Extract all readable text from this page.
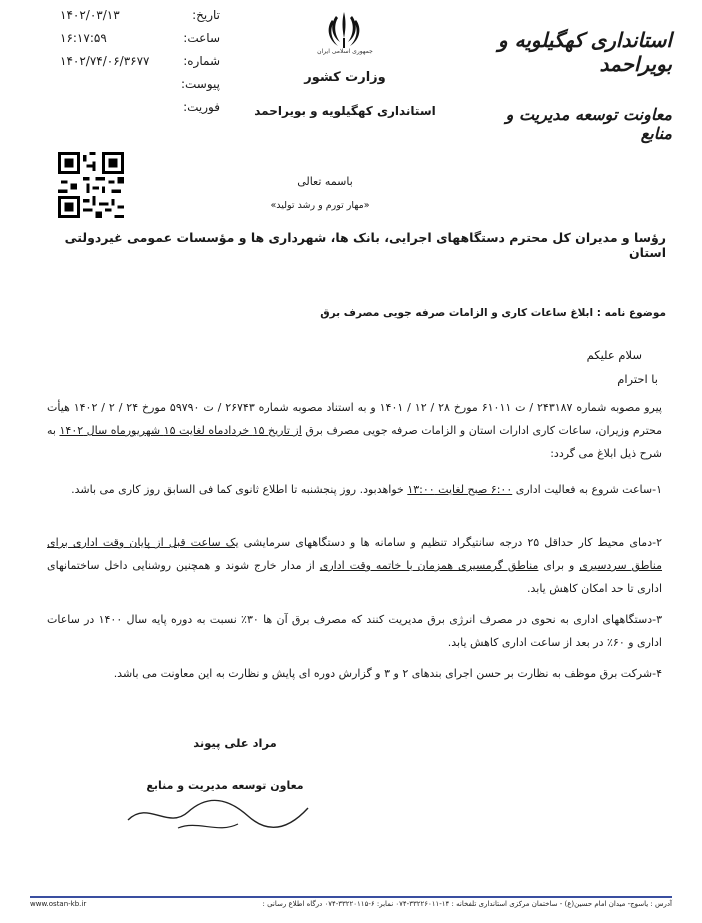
تاریخ:
۱۴۰۲/۰۳/۱۳
ساعت:
۱۶:۱۷:۵۹
شماره:
۱۴۰۲/۷۴/۰۶/۳۶۷۷
پیوست:
فوریت:
جمهوری اسلامی ایران
وزارت کشور
استانداری کهگیلویه و بویراحمد
استانداری کهگیلویه و بویراحمد
معاونت توسعه مدیریت و منابع
باسمه تعالی
«مهار تورم و رشد تولید»
رؤسا و مدیران کل محترم دستگاههای اجرایی، بانک ها، شهرداری ها و مؤسسات عمومی غیردولتی استان
موضوع نامه : ابلاغ ساعات کاری و الزامات صرفه جویی مصرف برق
سلام علیکم
با احترام
پیرو مصوبه شماره ۲۴۳۱۸۷ / ت ۶۱۰۱۱ مورخ ۲۸ / ۱۲ / ۱۴۰۱ و به استناد مصوبه شماره ۲۶۷۴۳ / ت ۵۹۷۹۰ مورخ ۲۴ / ۲ / ۱۴۰۲ هیأت محترم وزیران، ساعات کاری ادارات استان و الزامات صرفه جویی مصرف برق از تاریخ ۱۵ خردادماه لغایت ۱۵ شهریورماه سال ۱۴۰۲ به شرح ذیل ابلاغ می گردد:
۱-ساعت شروع به فعالیت اداری ۶:۰۰ صبح لغایت ۱۳:۰۰ خواهدبود. روز پنجشنبه تا اطلاع ثانوی کما فی السابق روز کاری می باشد.
۲-دمای محیط کار حداقل ۲۵ درجه سانتیگراد تنظیم و سامانه ها و دستگاههای سرمایشی یک ساعت قبل از پایان وقت اداری برای مناطق سردسیری و برای مناطق گرمسیری همزمان با خاتمه وقت اداری از مدار خارج شوند و همچنین روشنایی داخل ساختمانهای اداری تا حد امکان کاهش یابد.
۳-دستگاههای اداری به نحوی در مصرف انرژی برق مدیریت کنند که مصرف برق آن ها ۳۰٪ نسبت به دوره پایه سال ۱۴۰۰ در ساعات اداری و ۶۰٪ در بعد از ساعت اداری کاهش یابد.
۴-شرکت برق موظف به نظارت بر حسن اجرای بندهای ۲ و ۳ و گزارش دوره ای پایش و نظارت به این معاونت می باشد.
مراد علی پیوند
معاون توسعه مدیریت و منابع
www.ostan-kb.ir	آدرس : یاسوج- میدان امام حسین(ع) - ساختمان مرکزی استانداری تلفخانه : ۱۴-۳۳۲۲۶۰۱۱-۰۷۴ نمابر: ۶-۳۳۲۲۰۱۱۵-۰۷۴ درگاه اطلاع رسانی :
